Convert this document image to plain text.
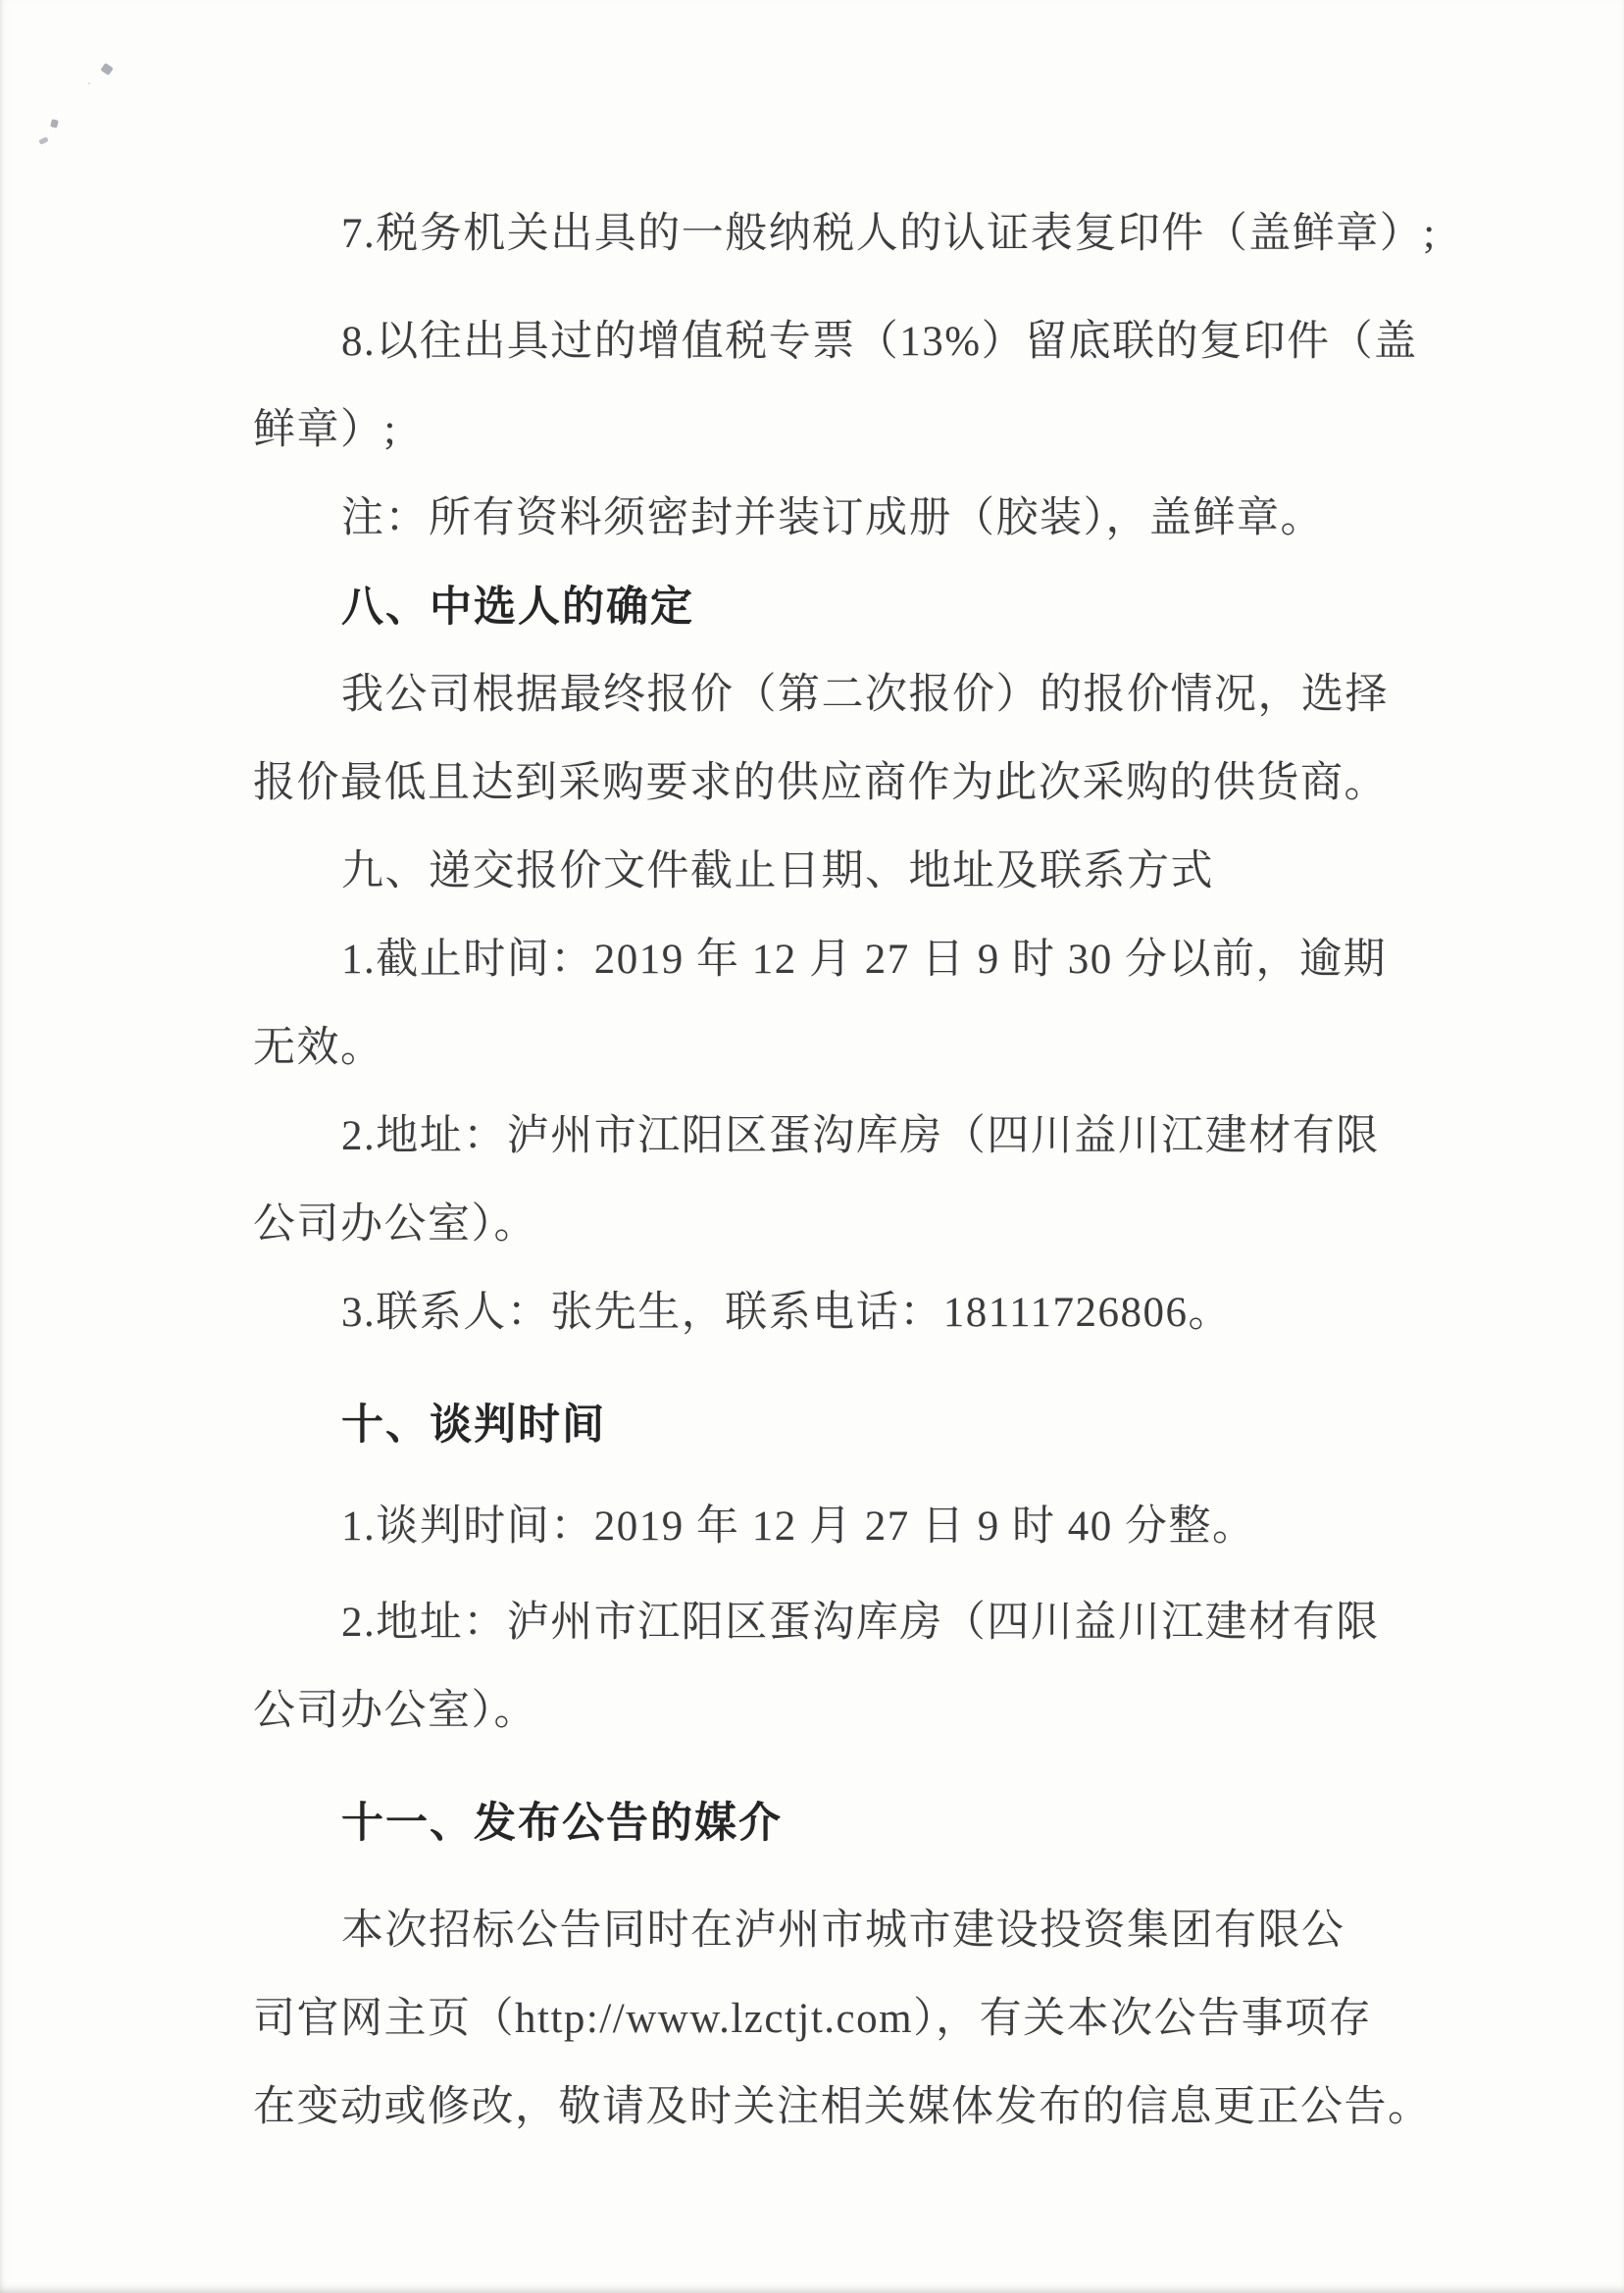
7.税务机关出具的一般纳税人的认证表复印件（盖鲜章）;
8.以往出具过的增值税专票（13%）留底联的复印件（盖
鲜章）;
注：所有资料须密封并装订成册（胶装），盖鲜章。
八、中选人的确定
我公司根据最终报价（第二次报价）的报价情况，选择
报价最低且达到采购要求的供应商作为此次采购的供货商。
九、递交报价文件截止日期、地址及联系方式
1.截止时间：2019 年 12 月 27 日 9 时 30 分以前，逾期
无效。
2.地址：泸州市江阳区蛋沟库房（四川益川江建材有限
公司办公室）。
3.联系人：张先生，联系电话：18111726806。
十、谈判时间
1.谈判时间：2019 年 12 月 27 日 9 时 40 分整。
2.地址：泸州市江阳区蛋沟库房（四川益川江建材有限
公司办公室）。
十一、发布公告的媒介
本次招标公告同时在泸州市城市建设投资集团有限公
司官网主页（http://www.lzctjt.com），有关本次公告事项存
在变动或修改，敬请及时关注相关媒体发布的信息更正公告。
